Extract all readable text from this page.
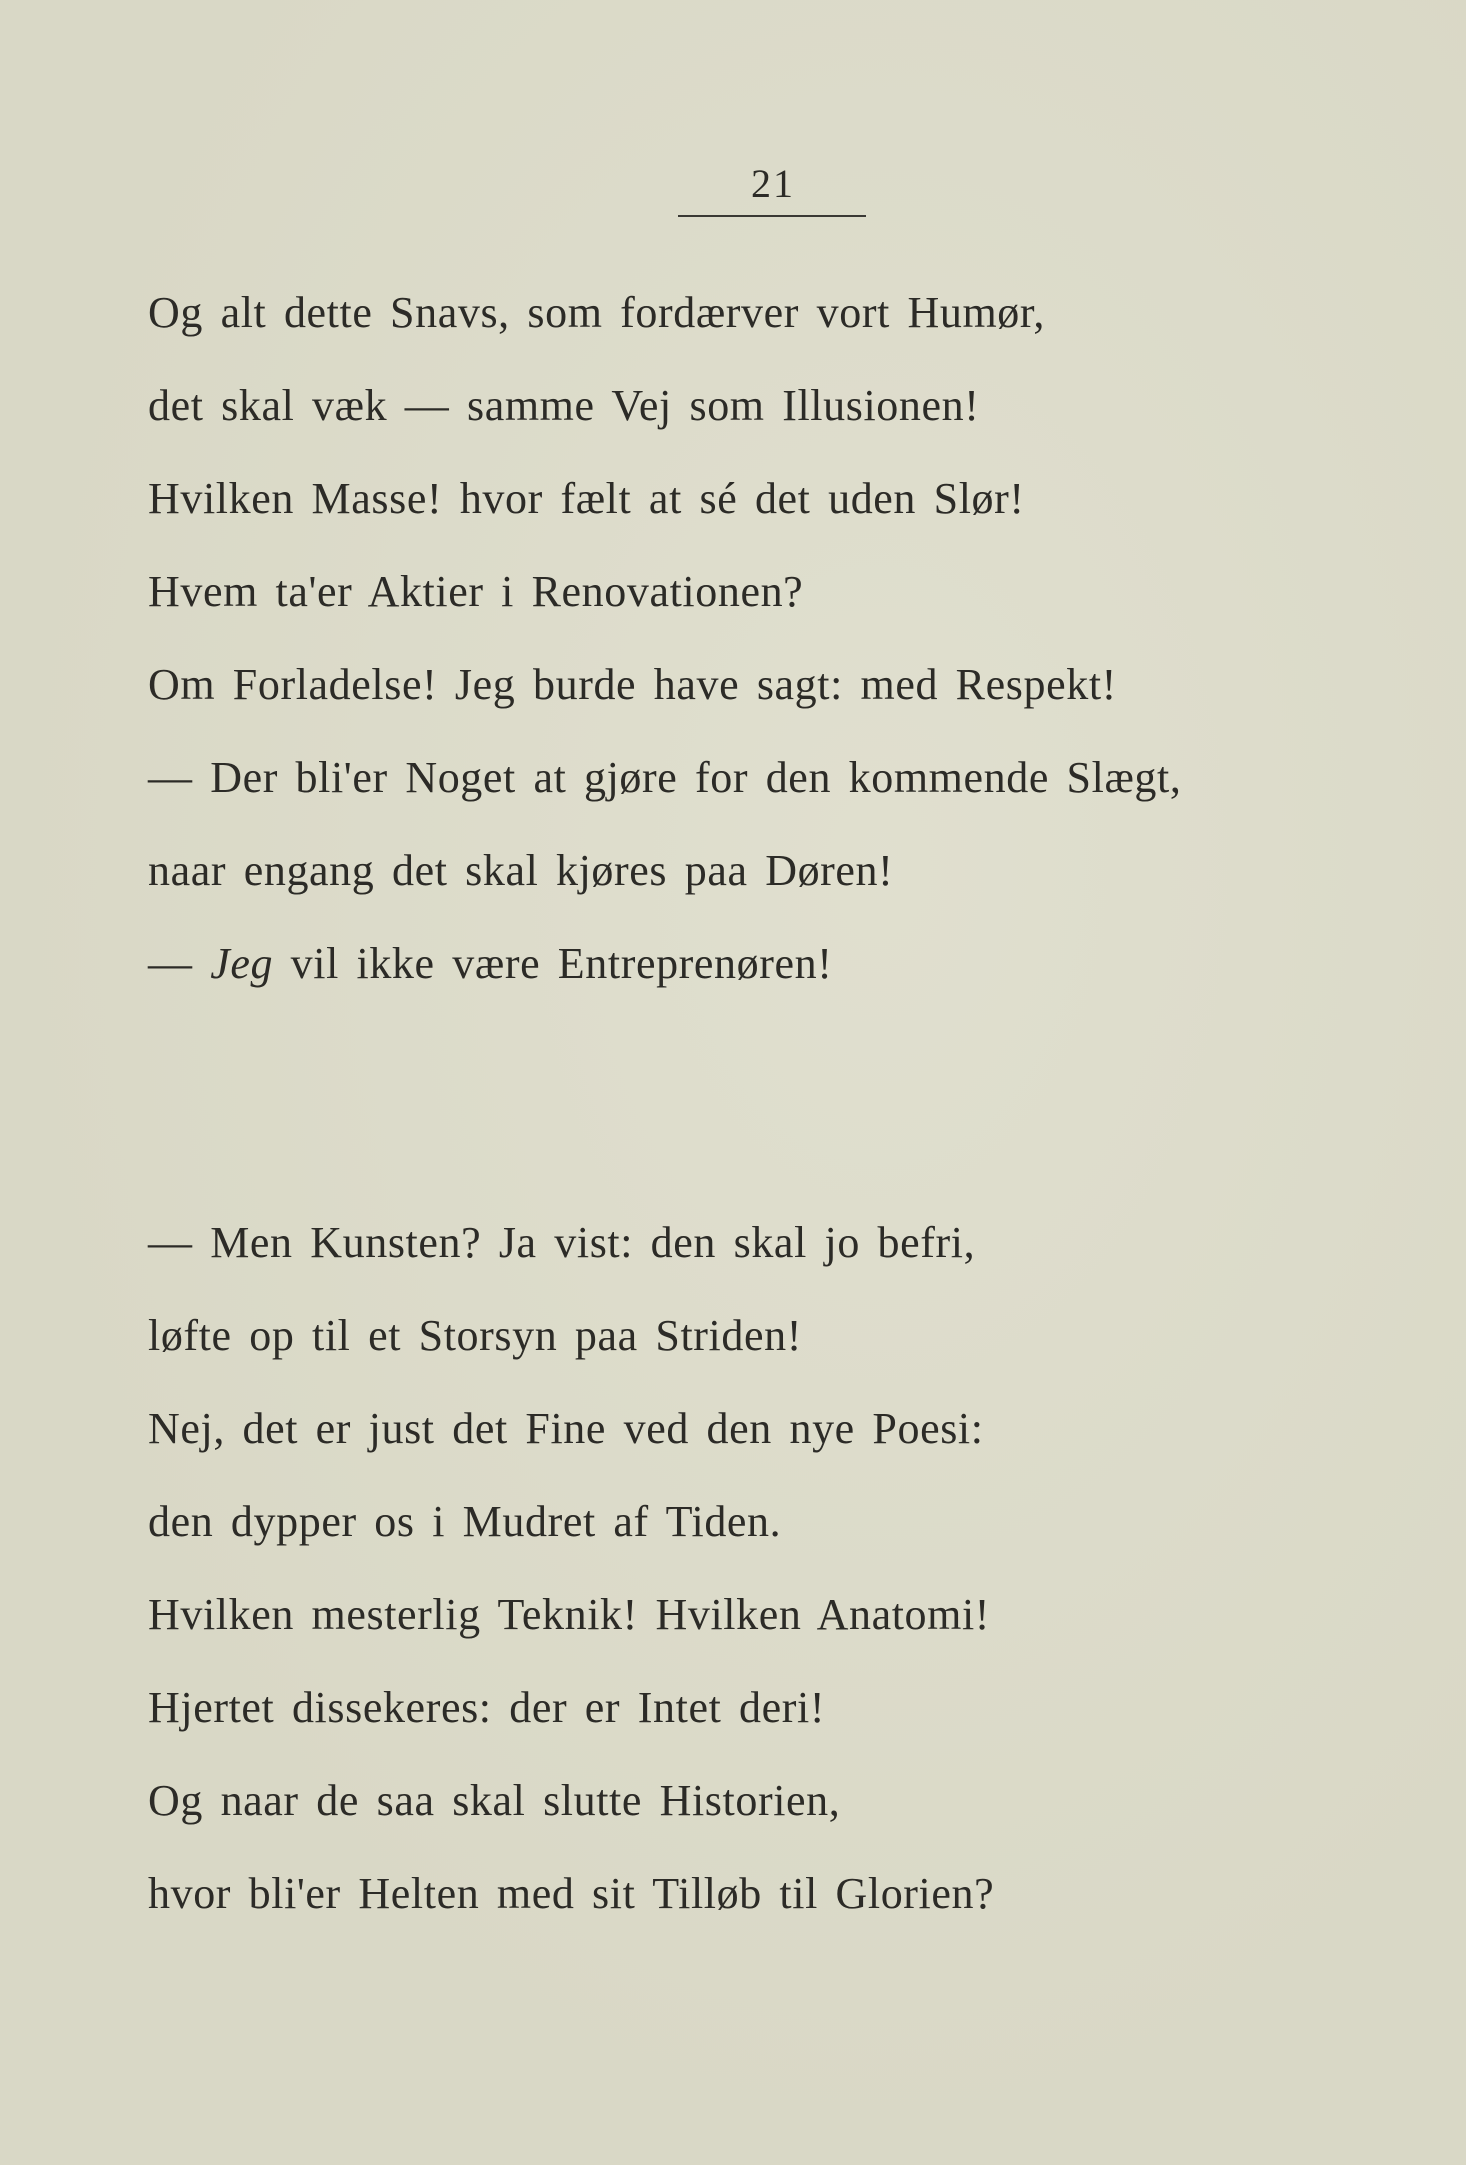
21
Og alt dette Snavs, som fordærver vort Humør,
det skal væk — samme Vej som Illusionen!
Hvilken Masse! hvor fælt at sé det uden Slør!
Hvem ta'er Aktier i Renovationen?
Om Forladelse! Jeg burde have sagt: med Respekt!
— Der bli'er Noget at gjøre for den kommende Slægt,
naar engang det skal kjøres paa Døren!
— Jeg vil ikke være Entreprenøren!
— Men Kunsten? Ja vist: den skal jo befri,
løfte op til et Storsyn paa Striden!
Nej, det er just det Fine ved den nye Poesi:
den dypper os i Mudret af Tiden.
Hvilken mesterlig Teknik! Hvilken Anatomi!
Hjertet dissekeres: der er Intet deri!
Og naar de saa skal slutte Historien,
hvor bli'er Helten med sit Tilløb til Glorien?
